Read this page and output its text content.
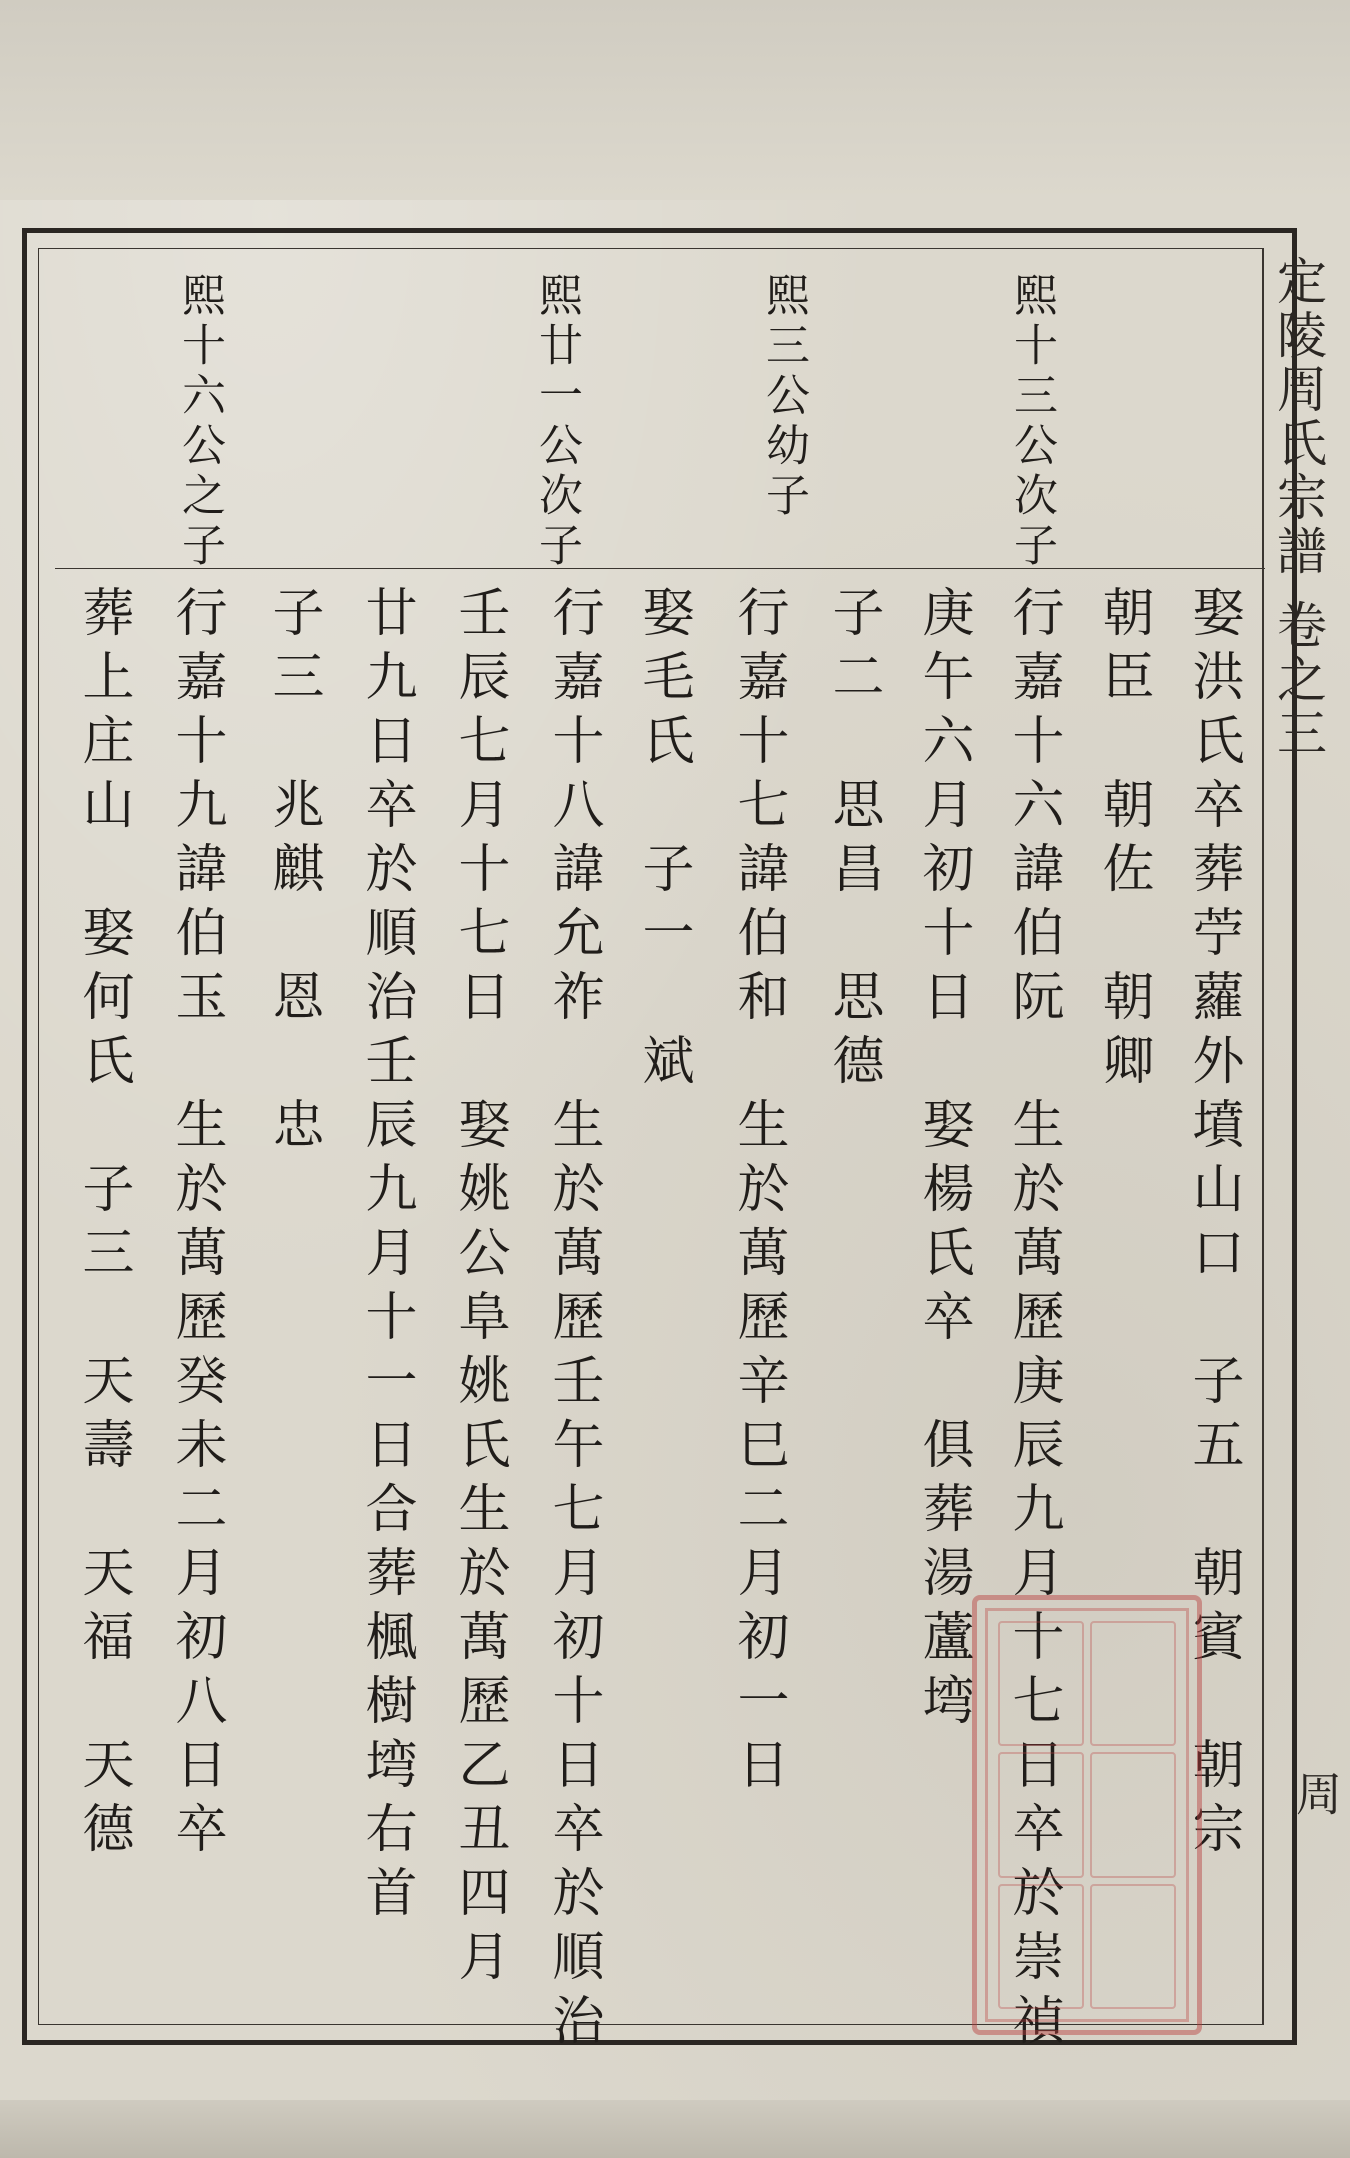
定陵周氏宗譜 卷之三
周
熙十三公次子
熙三公幼子
熙廿一公次子
熙十六公之子
娶洪氏卒葬苧蘿外墳山口　子五　朝賓　朝宗
朝臣　朝佐　朝卿
行嘉十六諱伯阮　生於萬歷庚辰九月十七日卒於崇禎
庚午六月初十日　娶楊氏卒　俱葬湯蘆塆
子二　思昌　思德
行嘉十七諱伯和　生於萬歷辛巳二月初一日
娶毛氏　子一　斌
行嘉十八諱允祚　生於萬歷壬午七月初十日卒於順治
壬辰七月十七日　娶姚公阜姚氏生於萬歷乙丑四月
廿九日卒於順治壬辰九月十一日合葬楓樹塆右首
子三　兆麒　恩　忠
行嘉十九諱伯玉　生於萬歷癸未二月初八日卒
葬上庄山　娶何氏　子三　天壽　天福　天德
